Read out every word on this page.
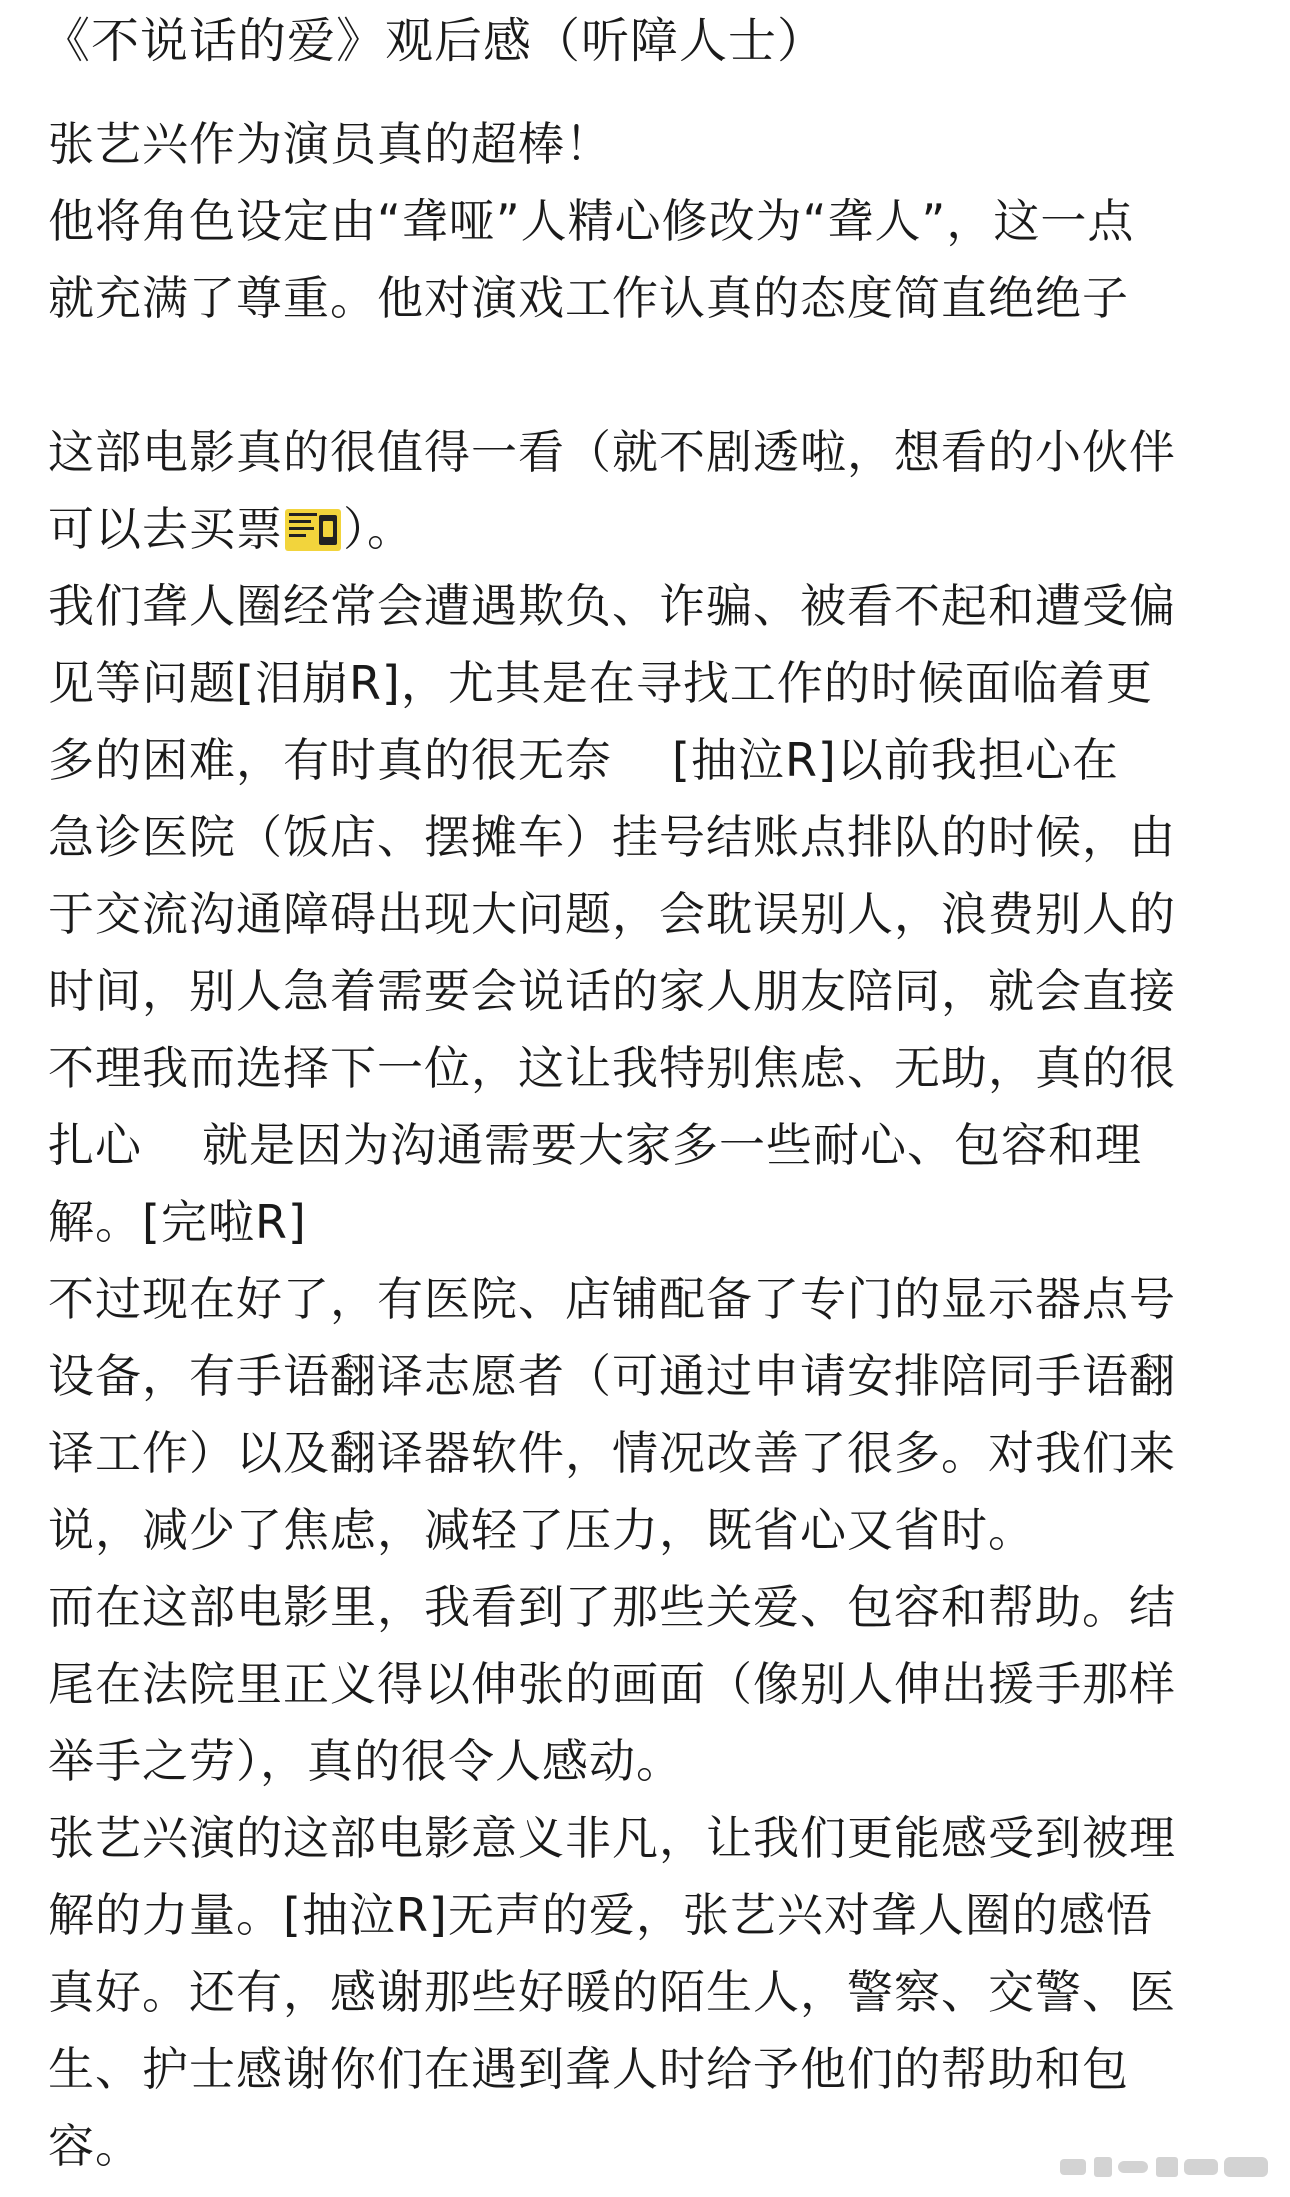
《不说话的爱》观后感（听障人士）
张艺兴作为演员真的超棒！
他将角色设定由“聋哑”人精心修改为“聋人”，这一点
就充满了尊重。他对演戏工作认真的态度简直绝绝子
这部电影真的很值得一看（就不剧透啦，想看的小伙伴
可以去买票 ）。
我们聋人圈经常会遭遇欺负、诈骗、被看不起和遭受偏
见等问题[泪崩R]，尤其是在寻找工作的时候面临着更
多的困难，有时真的很无奈 [抽泣R]以前我担心在
急诊医院（饭店、摆摊车）挂号结账点排队的时候，由
于交流沟通障碍出现大问题，会耽误别人，浪费别人的
时间，别人急着需要会说话的家人朋友陪同，就会直接
不理我而选择下一位，这让我特别焦虑、无助，真的很
扎心 就是因为沟通需要大家多一些耐心、包容和理
解。[完啦R]
不过现在好了，有医院、店铺配备了专门的显示器点号
设备，有手语翻译志愿者（可通过申请安排陪同手语翻
译工作）以及翻译器软件，情况改善了很多。对我们来
说，减少了焦虑，减轻了压力，既省心又省时。
而在这部电影里，我看到了那些关爱、包容和帮助。结
尾在法院里正义得以伸张的画面（像别人伸出援手那样
举手之劳），真的很令人感动。
张艺兴演的这部电影意义非凡，让我们更能感受到被理
解的力量。[抽泣R]无声的爱，张艺兴对聋人圈的感悟
真好。还有，感谢那些好暖的陌生人，警察、交警、医
生、护士感谢你们在遇到聋人时给予他们的帮助和包
容。
